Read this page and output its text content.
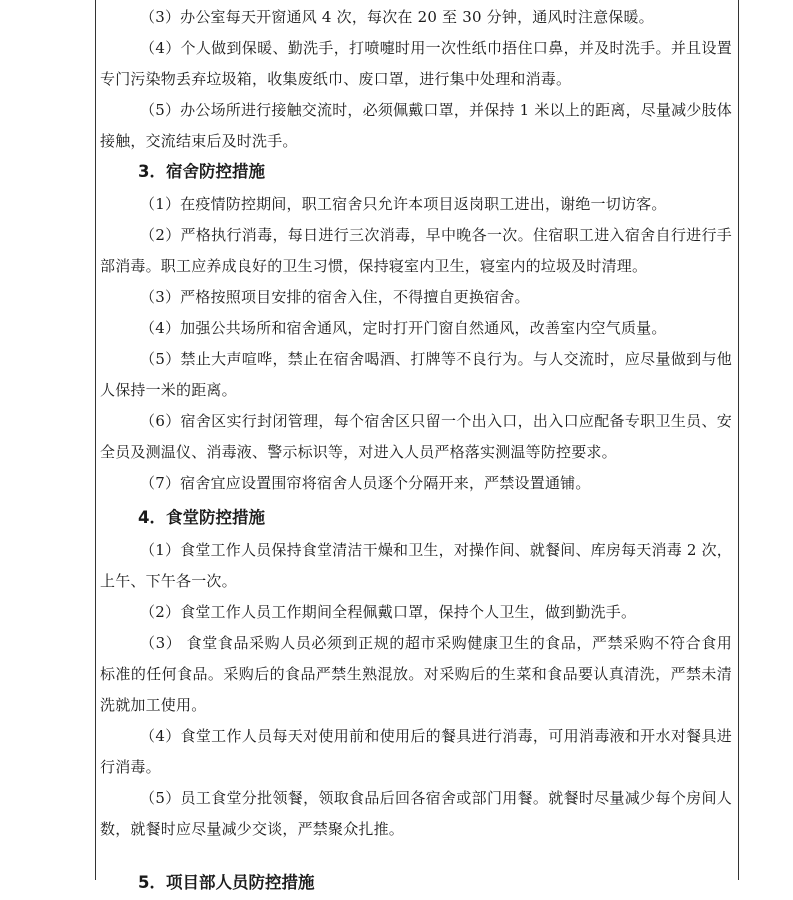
（3）办公室每天开窗通风 4 次，每次在 20 至 30 分钟，通风时注意保暖。

（4）个人做到保暖、勤洗手，打喷嚏时用一次性纸巾捂住口鼻，并及时洗手。并且设置专门污染物丢弃垃圾箱，收集废纸巾、废口罩，进行集中处理和消毒。

（5）办公场所进行接触交流时，必须佩戴口罩，并保持 1 米以上的距离，尽量减少肢体接触，交流结束后及时洗手。

3．宿舍防控措施

（1）在疫情防控期间，职工宿舍只允许本项目返岗职工进出，谢绝一切访客。

（2）严格执行消毒，每日进行三次消毒，早中晚各一次。住宿职工进入宿舍自行进行手部消毒。职工应养成良好的卫生习惯，保持寝室内卫生，寝室内的垃圾及时清理。

（3）严格按照项目安排的宿舍入住，不得擅自更换宿舍。

（4）加强公共场所和宿舍通风，定时打开门窗自然通风，改善室内空气质量。

（5）禁止大声喧哗，禁止在宿舍喝酒、打牌等不良行为。与人交流时，应尽量做到与他人保持一米的距离。

（6）宿舍区实行封闭管理，每个宿舍区只留一个出入口，出入口应配备专职卫生员、安全员及测温仪、消毒液、警示标识等，对进入人员严格落实测温等防控要求。

（7）宿舍宜应设置围帘将宿舍人员逐个分隔开来，严禁设置通铺。

4．食堂防控措施

（1）食堂工作人员保持食堂清洁干燥和卫生，对操作间、就餐间、库房每天消毒 2 次，上午、下午各一次。

（2）食堂工作人员工作期间全程佩戴口罩，保持个人卫生，做到勤洗手。

（3） 食堂食品采购人员必须到正规的超市采购健康卫生的食品，严禁采购不符合食用标准的任何食品。采购后的食品严禁生熟混放。对采购后的生菜和食品要认真清洗，严禁未清洗就加工使用。

（4）食堂工作人员每天对使用前和使用后的餐具进行消毒，可用消毒液和开水对餐具进行消毒。

（5）员工食堂分批领餐，领取食品后回各宿舍或部门用餐。就餐时尽量减少每个房间人数，就餐时应尽量减少交谈，严禁聚众扎推。

5．项目部人员防控措施
